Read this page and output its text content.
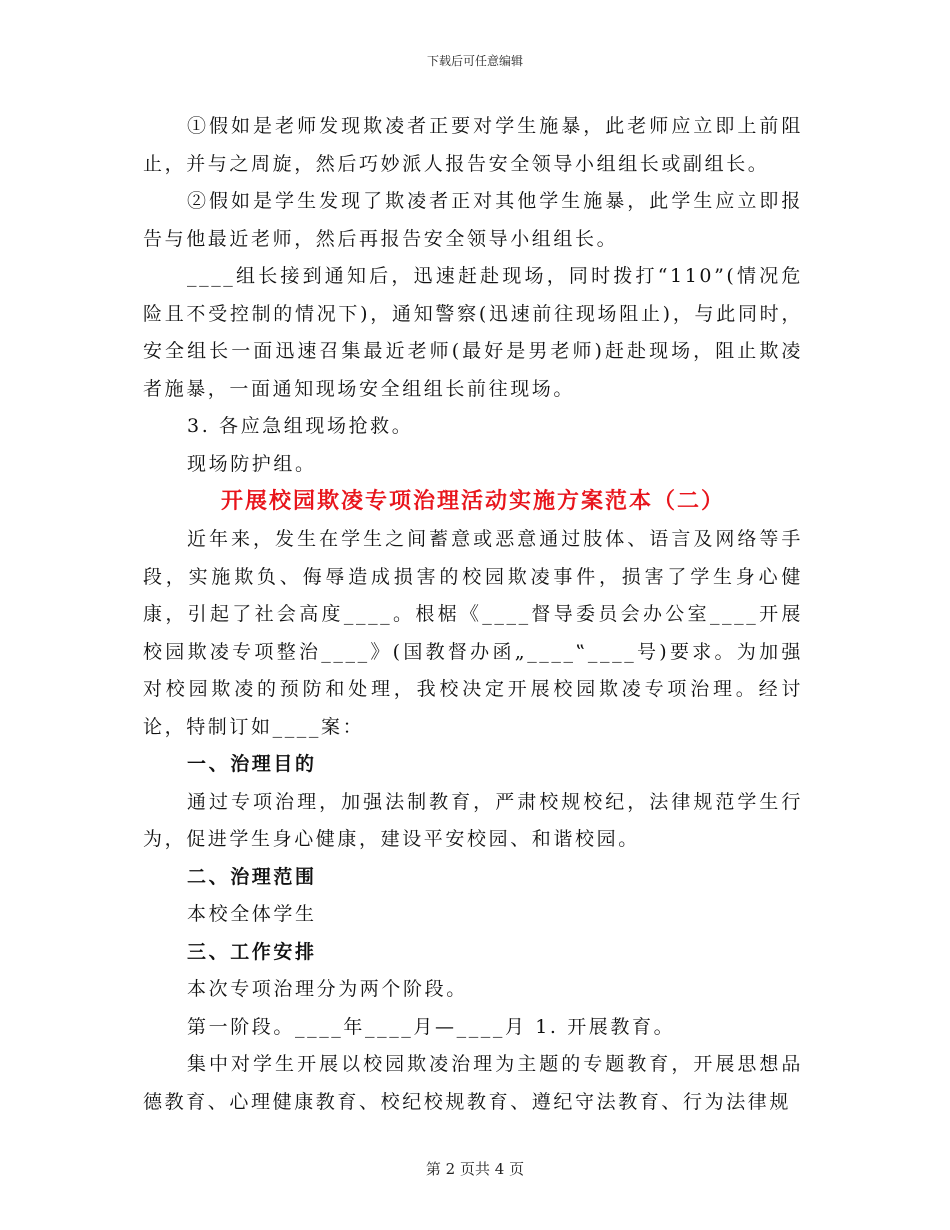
下载后可任意编辑

①假如是老师发现欺凌者正要对学生施暴，此老师应立即上前阻止，并与之周旋，然后巧妙派人报告安全领导小组组长或副组长。

②假如是学生发现了欺凌者正对其他学生施暴，此学生应立即报告与他最近老师，然后再报告安全领导小组组长。

____组长接到通知后，迅速赶赴现场，同时拨打“110”(情况危险且不受控制的情况下)，通知警察(迅速前往现场阻止)，与此同时，安全组长一面迅速召集最近老师(最好是男老师)赶赴现场，阻止欺凌者施暴，一面通知现场安全组组长前往现场。

3. 各应急组现场抢救。

现场防护组。

开展校园欺凌专项治理活动实施方案范本（二）

近年来，发生在学生之间蓄意或恶意通过肢体、语言及网络等手段，实施欺负、侮辱造成损害的校园欺凌事件，损害了学生身心健康，引起了社会高度____。根椐《____督导委员会办公室____开展校园欺凌专项整治____》(国教督办函„____‟____号)要求。为加强对校园欺凌的预防和处理，我校决定开展校园欺凌专项治理。经讨论，特制订如____案：

一、治理目的

通过专项治理，加强法制教育，严肃校规校纪，法律规范学生行为，促进学生身心健康，建设平安校园、和谐校园。

二、治理范围

本校全体学生

三、工作安排

本次专项治理分为两个阶段。

第一阶段。____年____月—____月 1. 开展教育。

集中对学生开展以校园欺凌治理为主题的专题教育，开展思想品德教育、心理健康教育、校纪校规教育、遵纪守法教育、行为法律规

第 2 页共 4 页
